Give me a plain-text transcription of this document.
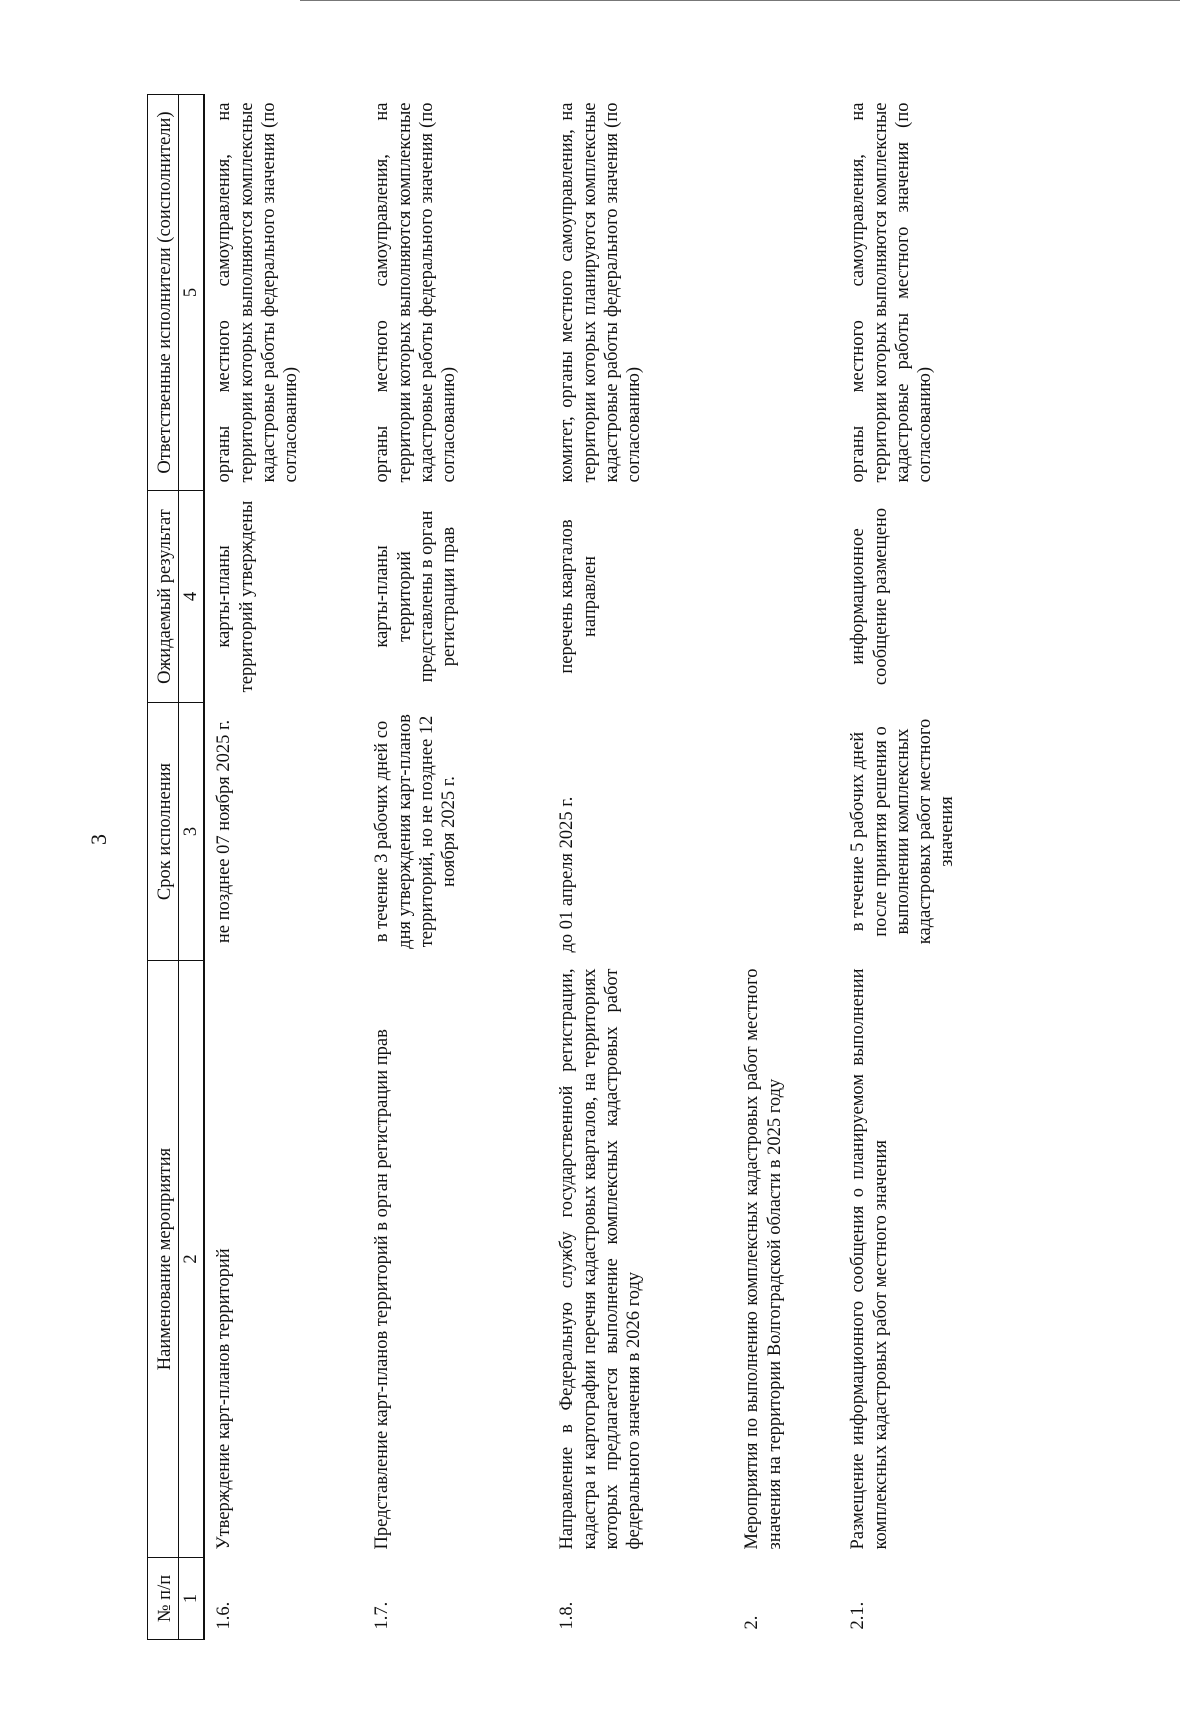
3
№ п/п	Наименование мероприятия	Срок исполнения	Ожидаемый результат	Ответственные исполнители (соисполнители)
1	2	3	4	5
1.6.	Утверждение карт-планов территорий	не позднее 07 ноября 2025 г.	карты-планы территорий утверждены	органы местного самоуправления, на территории которых выполняются комплексные кадастровые работы федерального значения (по согласованию)
1.7.	Представление карт-планов территорий в орган регистрации прав	в течение 3 рабочих дней со дня утверждения карт-планов территорий, но не позднее 12 ноября 2025 г.	карты-планы территорий представлены в орган регистрации прав	органы местного самоуправления, на территории которых выполняются комплексные кадастровые работы федерального значения (по согласованию)
1.8.	Направление в Федеральную службу государственной регистрации, кадастра и картографии перечня кадастровых кварталов, на территориях которых предлагается выполнение комплексных кадастровых работ федерального значения в 2026 году	до 01 апреля 2025 г.	перечень кварталов направлен	комитет, органы местного самоуправления, на территории которых планируются комплексные кадастровые работы федерального значения (по согласованию)
2.	Мероприятия по выполнению комплексных кадастровых работ местного значения на территории Волгоградской области в 2025 году			
2.1.	Размещение информационного сообщения о планируемом выполнении комплексных кадастровых работ местного значения	в течение 5 рабочих дней после принятия решения о выполнении комплексных кадастровых работ местного значения	информационное сообщение размещено	органы местного самоуправления, на территории которых выполняются комплексные кадастровые работы местного значения (по согласованию)
